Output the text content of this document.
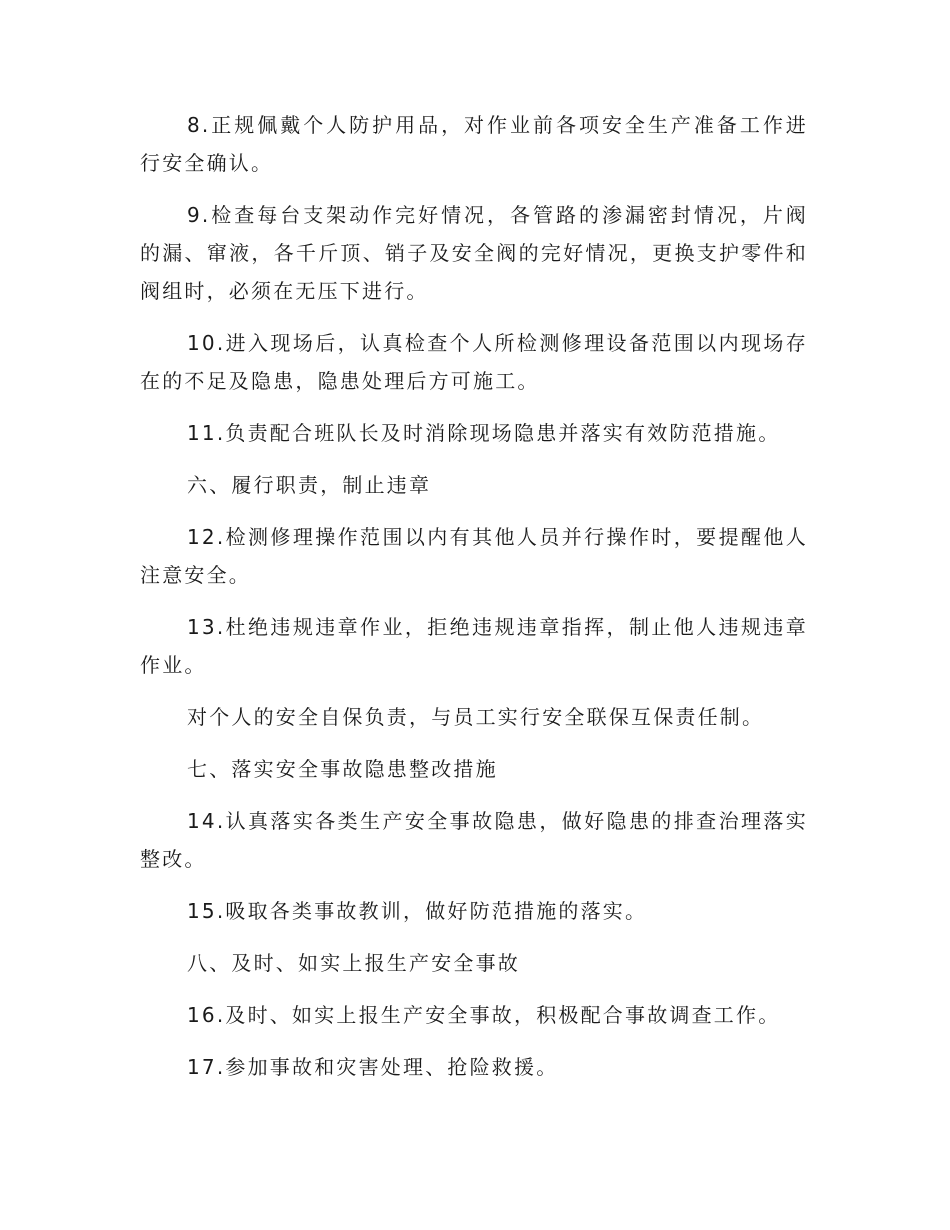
8.正规佩戴个人防护用品，对作业前各项安全生产准备工作进行安全确认。

9.检查每台支架动作完好情况，各管路的渗漏密封情况，片阀的漏、窜液，各千斤顶、销子及安全阀的完好情况，更换支护零件和阀组时，必须在无压下进行。

10.进入现场后，认真检查个人所检测修理设备范围以内现场存在的不足及隐患，隐患处理后方可施工。

11.负责配合班队长及时消除现场隐患并落实有效防范措施。

六、履行职责，制止违章

12.检测修理操作范围以内有其他人员并行操作时，要提醒他人注意安全。

13.杜绝违规违章作业，拒绝违规违章指挥，制止他人违规违章作业。

对个人的安全自保负责，与员工实行安全联保互保责任制。

七、落实安全事故隐患整改措施

14.认真落实各类生产安全事故隐患，做好隐患的排查治理落实整改。

15.吸取各类事故教训，做好防范措施的落实。

八、及时、如实上报生产安全事故

16.及时、如实上报生产安全事故，积极配合事故调查工作。

17.参加事故和灾害处理、抢险救援。
